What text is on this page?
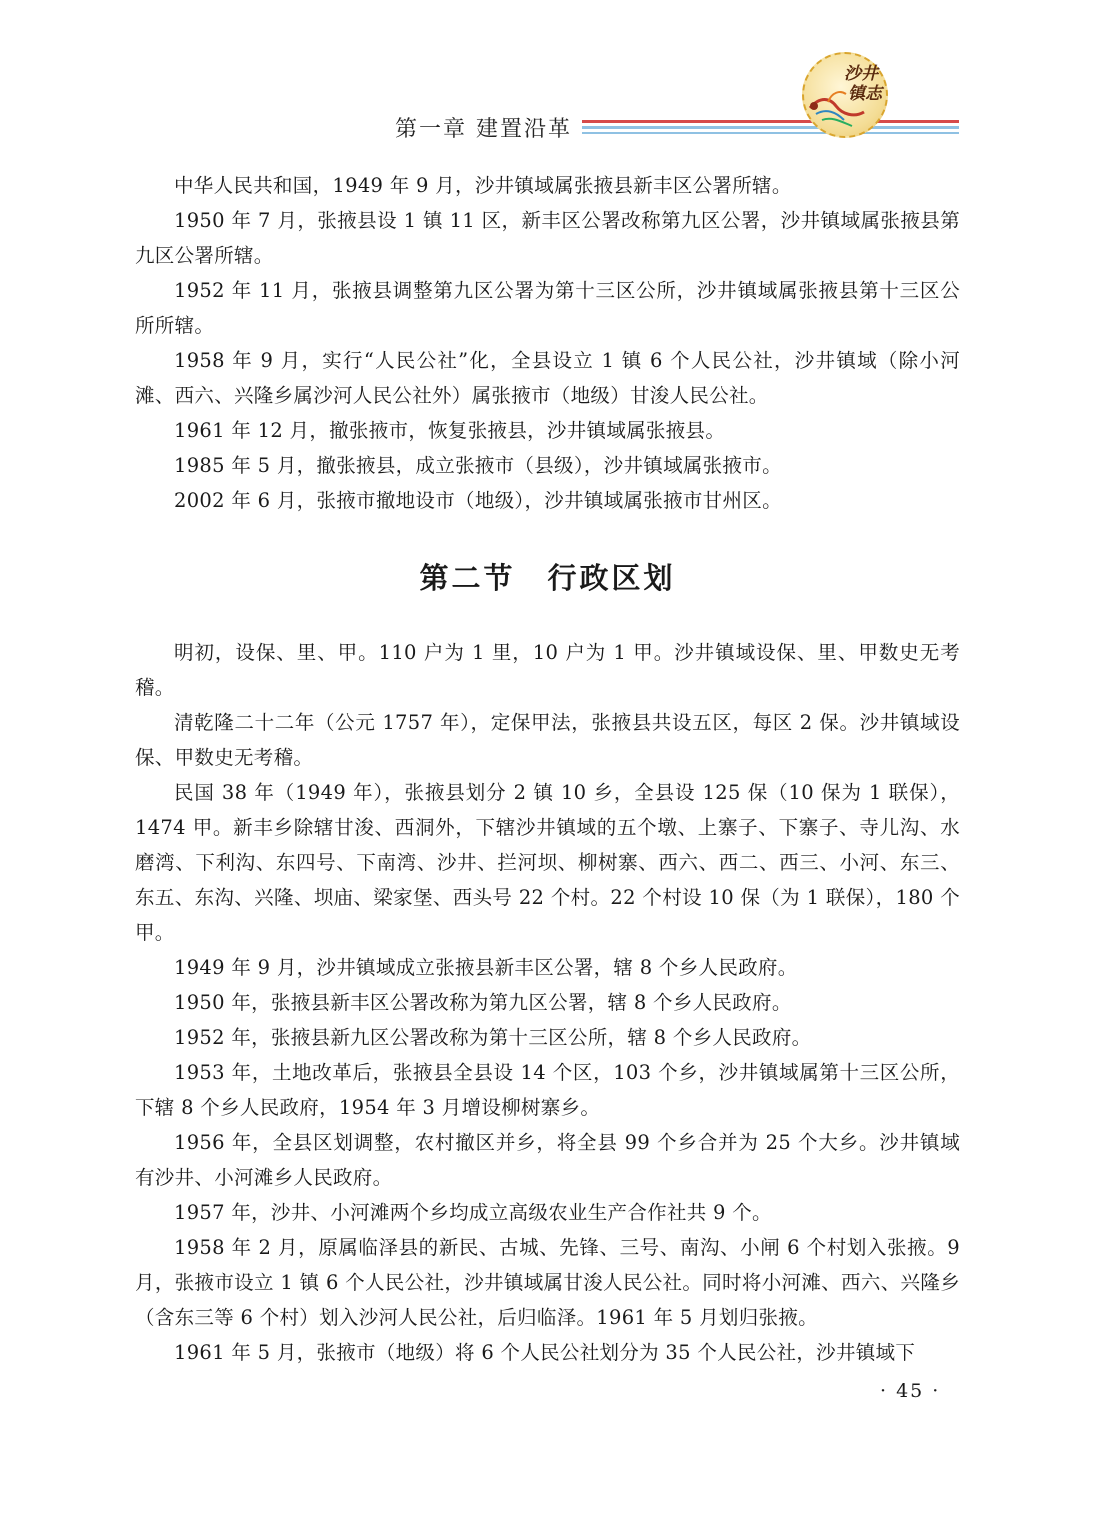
第一章 建置沿革
沙井
镇志

中华人民共和国，1949 年 9 月，沙井镇域属张掖县新丰区公署所辖。

1950 年 7 月，张掖县设 1 镇 11 区，新丰区公署改称第九区公署，沙井镇域属张掖县第九区公署所辖。

1952 年 11 月，张掖县调整第九区公署为第十三区公所，沙井镇域属张掖县第十三区公所所辖。

1958 年 9 月，实行“人民公社”化，全县设立 1 镇 6 个人民公社，沙井镇域（除小河滩、西六、兴隆乡属沙河人民公社外）属张掖市（地级）甘浚人民公社。

1961 年 12 月，撤张掖市，恢复张掖县，沙井镇域属张掖县。

1985 年 5 月，撤张掖县，成立张掖市（县级），沙井镇域属张掖市。

2002 年 6 月，张掖市撤地设市（地级），沙井镇域属张掖市甘州区。

第二节　行政区划

明初，设保、里、甲。110 户为 1 里，10 户为 1 甲。沙井镇域设保、里、甲数史无考稽。

清乾隆二十二年（公元 1757 年），定保甲法，张掖县共设五区，每区 2 保。沙井镇域设保、甲数史无考稽。

民国 38 年（1949 年），张掖县划分 2 镇 10 乡，全县设 125 保（10 保为 1 联保），1474 甲。新丰乡除辖甘浚、西洞外，下辖沙井镇域的五个墩、上寨子、下寨子、寺儿沟、水磨湾、下利沟、东四号、下南湾、沙井、拦河坝、柳树寨、西六、西二、西三、小河、东三、东五、东沟、兴隆、坝庙、梁家堡、西头号 22 个村。22 个村设 10 保（为 1 联保），180 个甲。

1949 年 9 月，沙井镇域成立张掖县新丰区公署，辖 8 个乡人民政府。

1950 年，张掖县新丰区公署改称为第九区公署，辖 8 个乡人民政府。

1952 年，张掖县新九区公署改称为第十三区公所，辖 8 个乡人民政府。

1953 年，土地改革后，张掖县全县设 14 个区，103 个乡，沙井镇域属第十三区公所，下辖 8 个乡人民政府，1954 年 3 月增设柳树寨乡。

1956 年，全县区划调整，农村撤区并乡，将全县 99 个乡合并为 25 个大乡。沙井镇域有沙井、小河滩乡人民政府。

1957 年，沙井、小河滩两个乡均成立高级农业生产合作社共 9 个。

1958 年 2 月，原属临泽县的新民、古城、先锋、三号、南沟、小闸 6 个村划入张掖。9 月，张掖市设立 1 镇 6 个人民公社，沙井镇域属甘浚人民公社。同时将小河滩、西六、兴隆乡（含东三等 6 个村）划入沙河人民公社，后归临泽。1961 年 5 月划归张掖。

1961 年 5 月，张掖市（地级）将 6 个人民公社划分为 35 个人民公社，沙井镇域下

· 45 ·
